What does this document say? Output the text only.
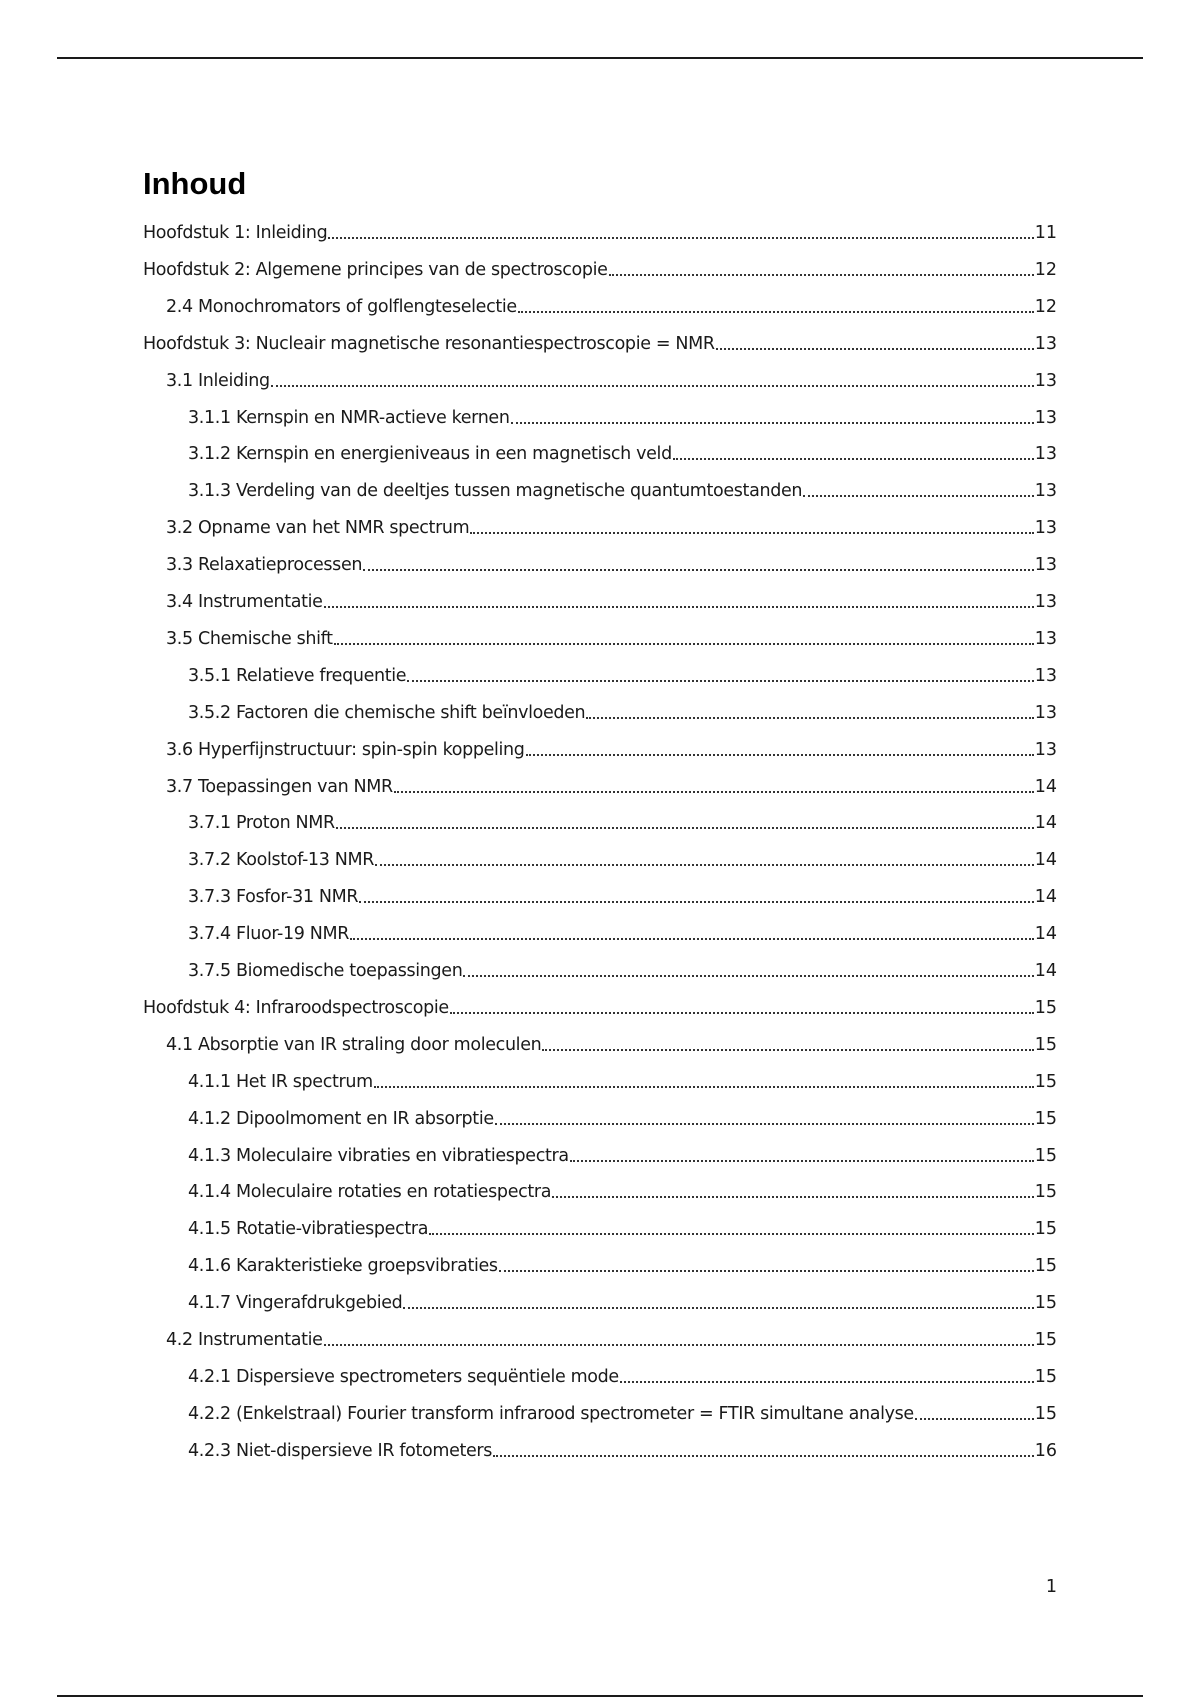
Inhoud
Hoofdstuk 1: Inleiding	11
Hoofdstuk 2: Algemene principes van de spectroscopie	12
2.4 Monochromators of golflengteselectie	12
Hoofdstuk 3: Nucleair magnetische resonantiespectroscopie = NMR	13
3.1 Inleiding	13
3.1.1 Kernspin en NMR-actieve kernen	13
3.1.2 Kernspin en energieniveaus in een magnetisch veld	13
3.1.3 Verdeling van de deeltjes tussen magnetische quantumtoestanden	13
3.2 Opname van het NMR spectrum	13
3.3 Relaxatieprocessen	13
3.4 Instrumentatie	13
3.5 Chemische shift	13
3.5.1 Relatieve frequentie	13
3.5.2 Factoren die chemische shift beïnvloeden	13
3.6 Hyperfijnstructuur: spin-spin koppeling	13
3.7 Toepassingen van NMR	14
3.7.1 Proton NMR	14
3.7.2 Koolstof-13 NMR	14
3.7.3 Fosfor-31 NMR	14
3.7.4 Fluor-19 NMR	14
3.7.5 Biomedische toepassingen	14
Hoofdstuk 4: Infraroodspectroscopie	15
4.1 Absorptie van IR straling door moleculen	15
4.1.1 Het IR spectrum	15
4.1.2 Dipoolmoment en IR absorptie	15
4.1.3 Moleculaire vibraties en vibratiespectra	15
4.1.4 Moleculaire rotaties en rotatiespectra	15
4.1.5 Rotatie-vibratiespectra	15
4.1.6 Karakteristieke groepsvibraties	15
4.1.7 Vingerafdrukgebied	15
4.2 Instrumentatie	15
4.2.1 Dispersieve spectrometers sequëntiele mode	15
4.2.2 (Enkelstraal) Fourier transform infrarood spectrometer = FTIR simultane analyse	15
4.2.3 Niet-dispersieve IR fotometers	16
1
